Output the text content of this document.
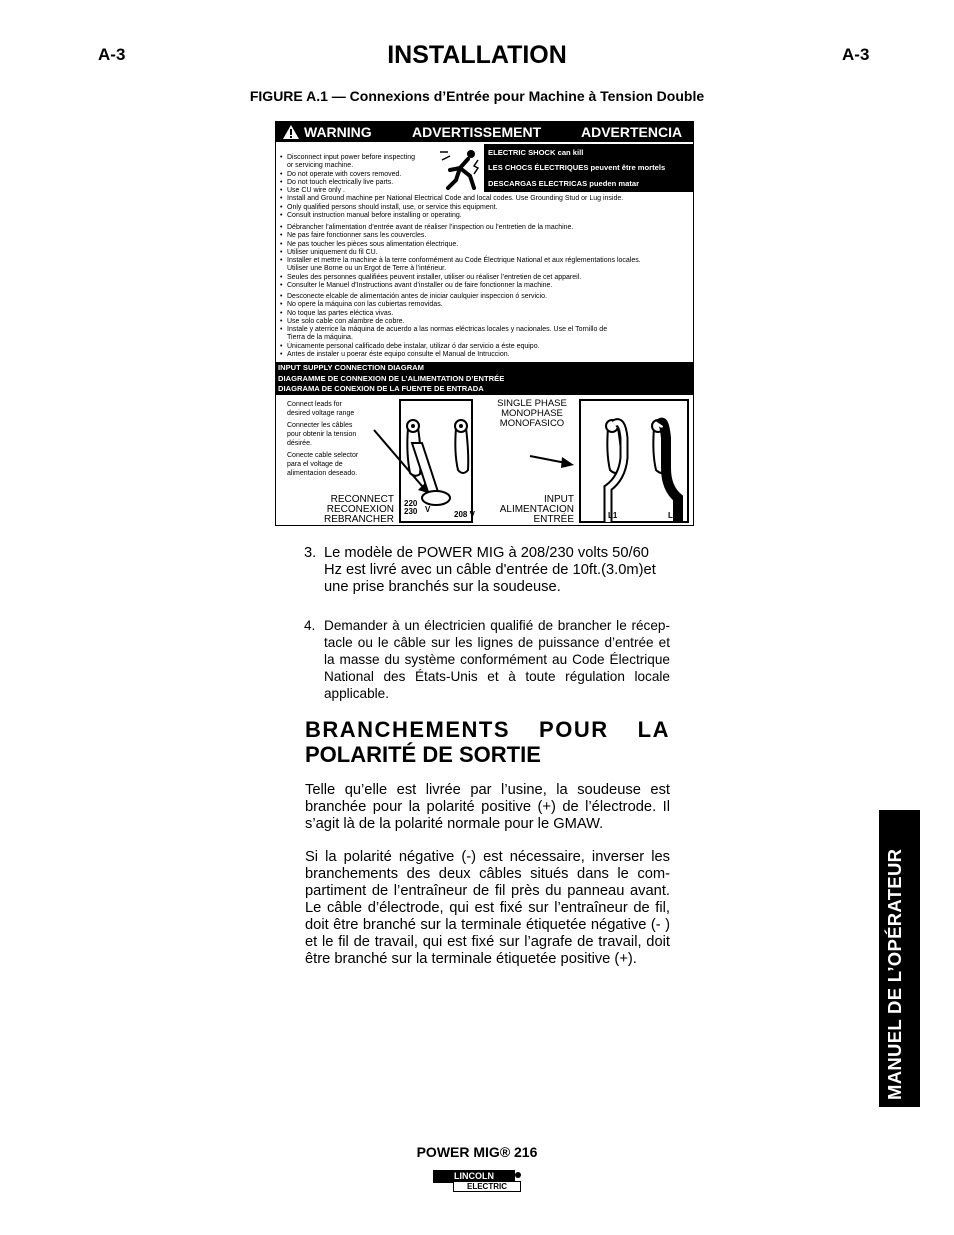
A-3	A-3
INSTALLATION
FIGURE A.1 — Connexions d’Entrée pour Machine à Tension Double
WARNING	ADVERTISSEMENT	ADVERTENCIA
ELECTRIC SHOCK can kill
LES CHOCS ÉLECTRIQUES peuvent être mortels
DESCARGAS ELECTRICAS pueden matar
• Disconnect input power before inspecting
or servicing machine.
• Do not operate with covers removed.
• Do not touch electrically live parts.
• Use CU wire only .
• Install and Ground machine per National Electrical Code and local codes. Use Grounding Stud or Lug inside.
• Only qualified persons should install, use, or service this equipment.
• Consult instruction manual before installing or operating.
• Débrancher l’alimentation d’entrée avant de réaliser l’inspection ou l’entretien de la machine.
• Ne pas faire fonctionner sans les couvercles.
• Ne pas toucher les pièces sous alimentation électrique.
• Utiliser uniquement du fil CU.
• Installer et mettre la machine à la terre conformément au Code Électrique National et aux réglementations locales.
Utiliser une Borne ou un Ergot de Terre à l’intérieur.
• Seules des personnes qualifiées peuvent installer, utiliser ou réaliser l’entretien de cet appareil.
• Consulter le Manuel d’Instructions avant d’installer ou de faire fonctionner la machine.
• Desconecte elcable de alimentación antes de iniciar caulquier inspeccion ó servicio.
• No opere la máquina con las cubiertas removidas.
• No toque las partes eléctica vivas.
• Use solo cable con alambre de cobre.
• Instale y aterrice la máquina de acuerdo a las normas eléctricas locales y nacionales. Use el Tornillo de
Tierra de la máquina.
• Únicamente personal calificado debe instalar, utilizar ó dar servicio a éste equipo.
• Antes de instaler u poerar éste equipo consulte el Manual de Intruccion.
INPUT SUPPLY CONNECTION DIAGRAM
DIAGRAMME DE CONNEXION DE L’ALIMENTATION D’ENTRÉE
DIAGRAMA DE CONEXION DE LA FUENTE DE ENTRADA
Connect leads for
desired voltage range
Connecter les câbles
pour obtenir la tension
désirée.
Conecte cable selector
para el voltage de
alimentacion deseado.
220
230 V
208 V
RECONNECT
RECONEXION
REBRANCHER
SINGLE PHASE
MONOPHASE
MONOFASICO
INPUT
ALIMENTACION
ENTRÉE	L1	L2
3. Le modèle de POWER MIG à 208/230 volts 50/60 Hz est livré avec un câble d'entrée de 10ft.(3.0m)et une prise branchés sur la soudeuse.
4. Demander à un électricien qualifié de brancher le récep-tacle ou le câble sur les lignes de puissance d’entrée et la masse du système conformément au Code Électrique National des États-Unis et à toute régulation locale applicable.
BRANCHEMENTS POUR LA
POLARITÉ DE SORTIE
Telle qu’elle est livrée par l’usine, la soudeuse est branchée pour la polarité positive (+) de l’électrode. Il s’agit là de la polarité normale pour le GMAW.
Si la polarité négative (-) est nécessaire, inverser les branchements des deux câbles situés dans le com-partiment de l’entraîneur de fil près du panneau avant. Le câble d’électrode, qui est fixé sur l’entraîneur de fil, doit être branché sur la terminale étiquetée négative (- ) et le fil de travail, qui est fixé sur l’agrafe de travail, doit être branché sur la terminale étiquetée positive (+).	MANUEL DE L’OPÉRATEUR
POWER MIG® 216
LINCOLN
ELECTRIC
